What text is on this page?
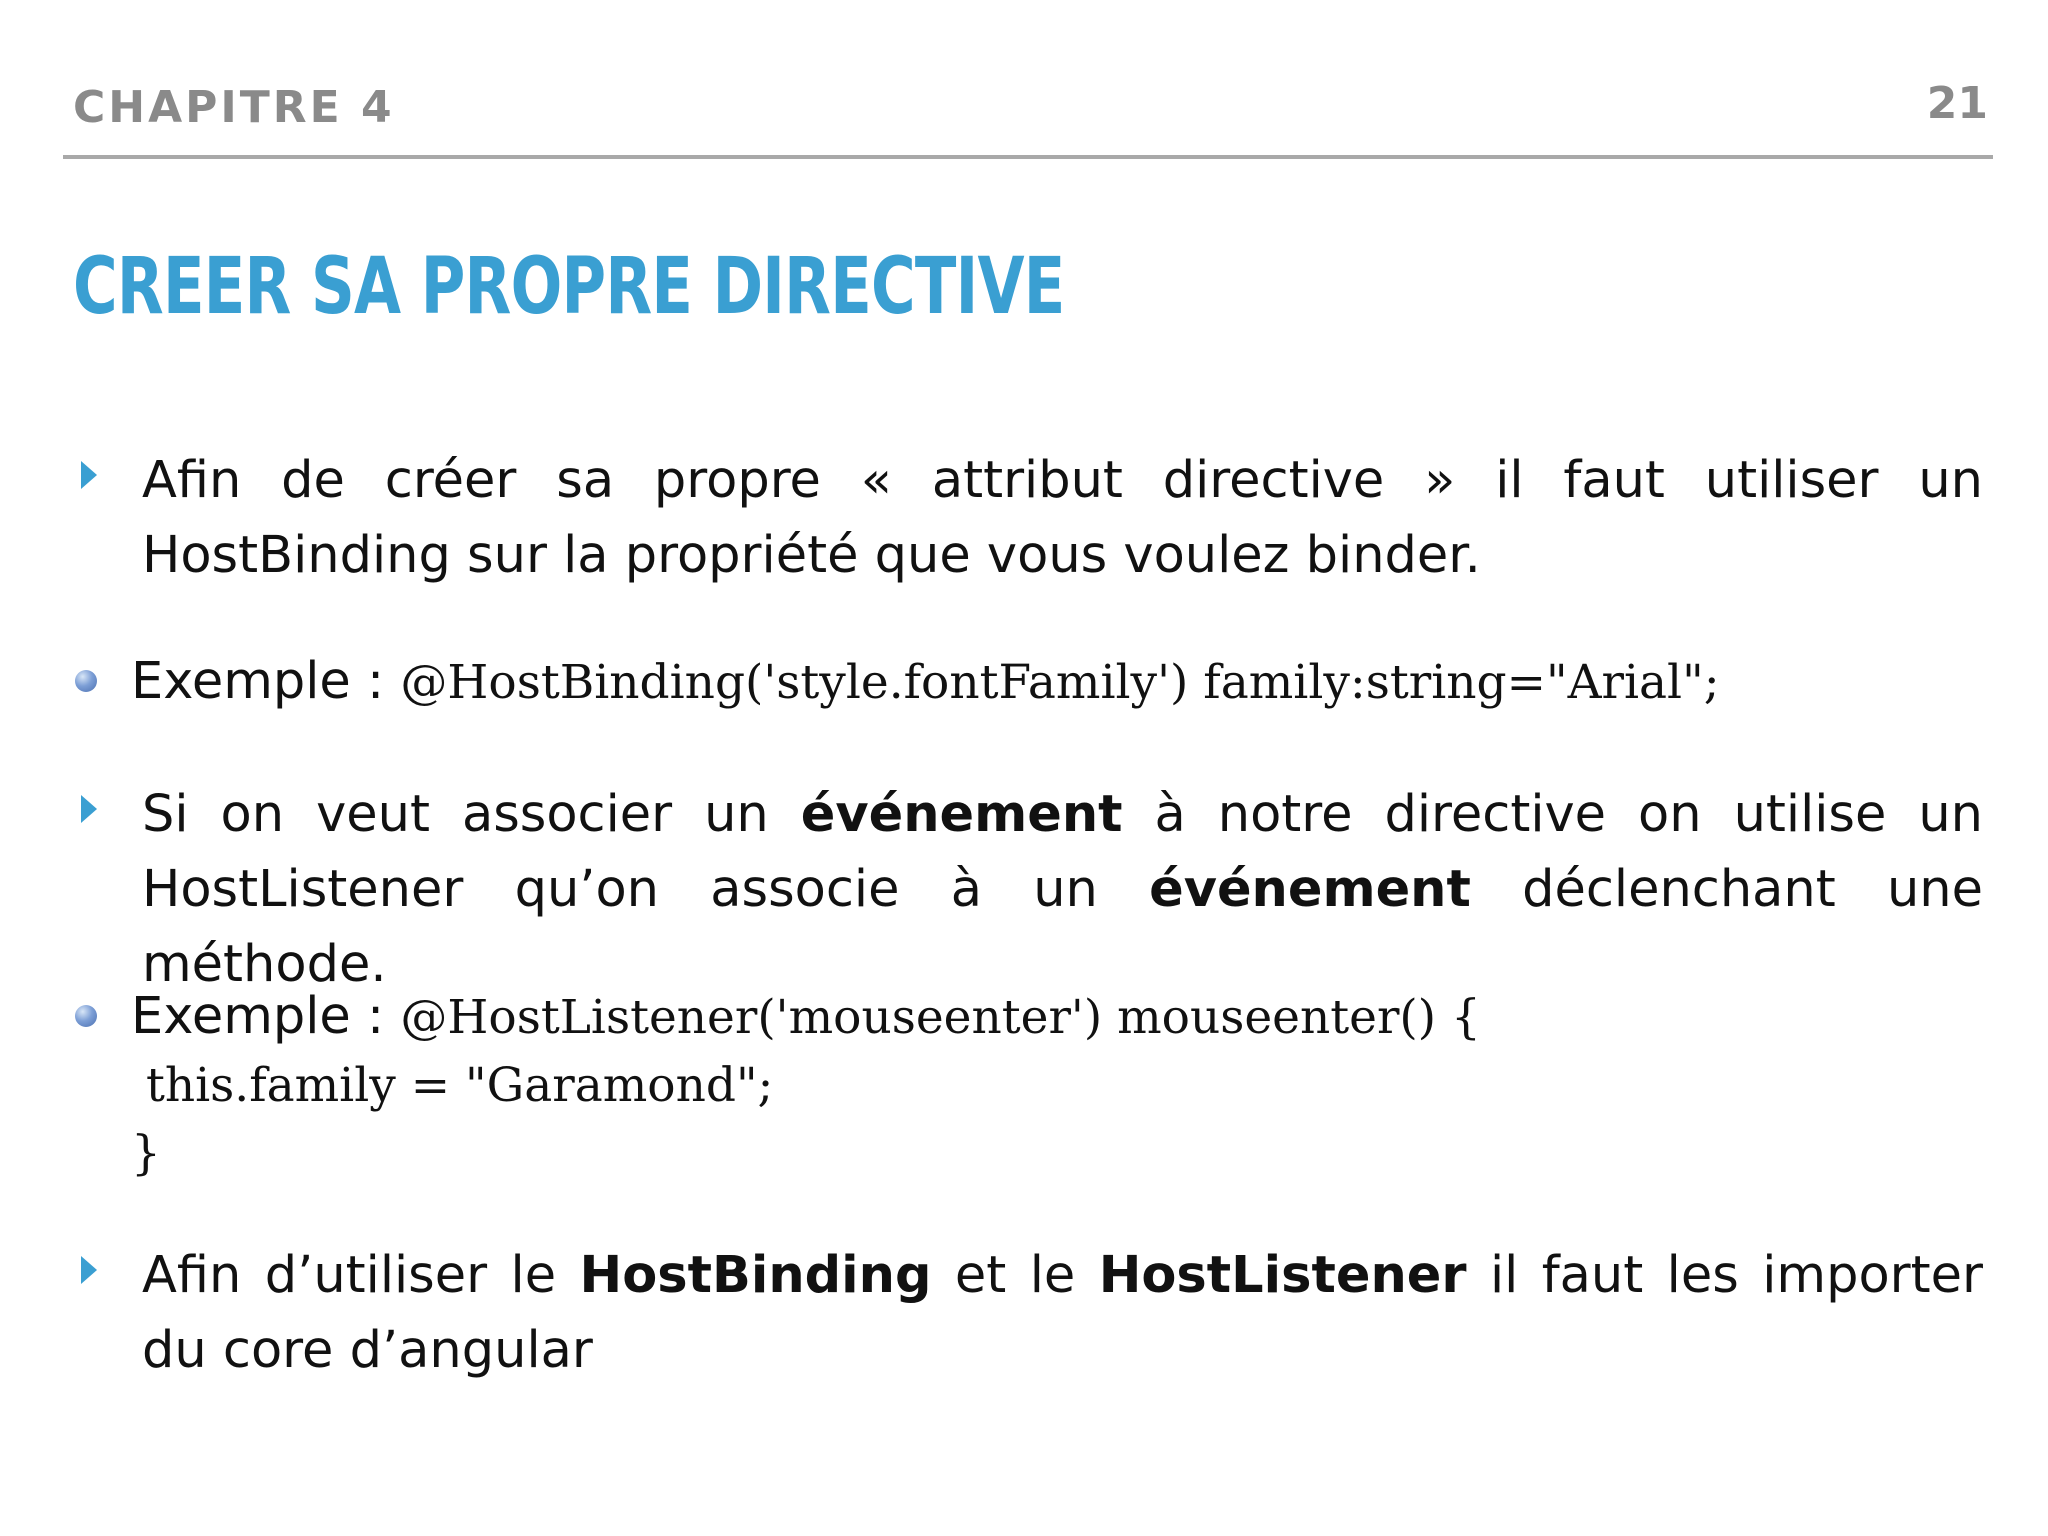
CHAPITRE 4	21
CREER SA PROPRE DIRECTIVE
Afin de créer sa propre « attribut directive » il faut utiliser un HostBinding sur la propriété que vous voulez binder.
Exemple : @HostBinding('style.fontFamily') family:string="Arial";
Si on veut associer un événement à notre directive on utilise un HostListener qu’on associe à un événement déclenchant une méthode.
Exemple : @HostListener('mouseenter') mouseenter() {
this.family = "Garamond";
}
Afin d’utiliser le HostBinding et le HostListener il faut les importer du core d’angular
